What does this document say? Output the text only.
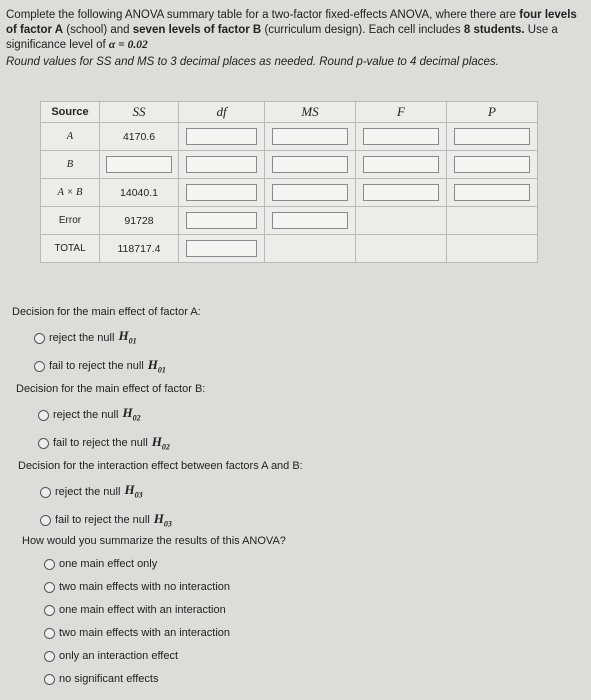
Complete the following ANOVA summary table for a two-factor fixed-effects ANOVA, where there are four levels of factor A (school) and seven levels of factor B (curriculum design). Each cell includes 8 students. Use a significance level of α = 0.02
Round values for SS and MS to 3 decimal places as needed. Round p-value to 4 decimal places.
Source	SS	df	MS	F	P
A	4170.6	

B	

A × B	14040.1	

Error	91728	

TOTAL	118717.4	

Decision for the main effect of factor A:
reject the null $H_{01}$
fail to reject the null $H_{01}$
Decision for the main effect of factor B:
reject the null $H_{02}$
fail to reject the null $H_{02}$
Decision for the interaction effect between factors A and B:
reject the null $H_{03}$
fail to reject the null $H_{03}$
How would you summarize the results of this ANOVA?
one main effect only
two main effects with no interaction
one main effect with an interaction
two main effects with an interaction
only an interaction effect
no significant effects
